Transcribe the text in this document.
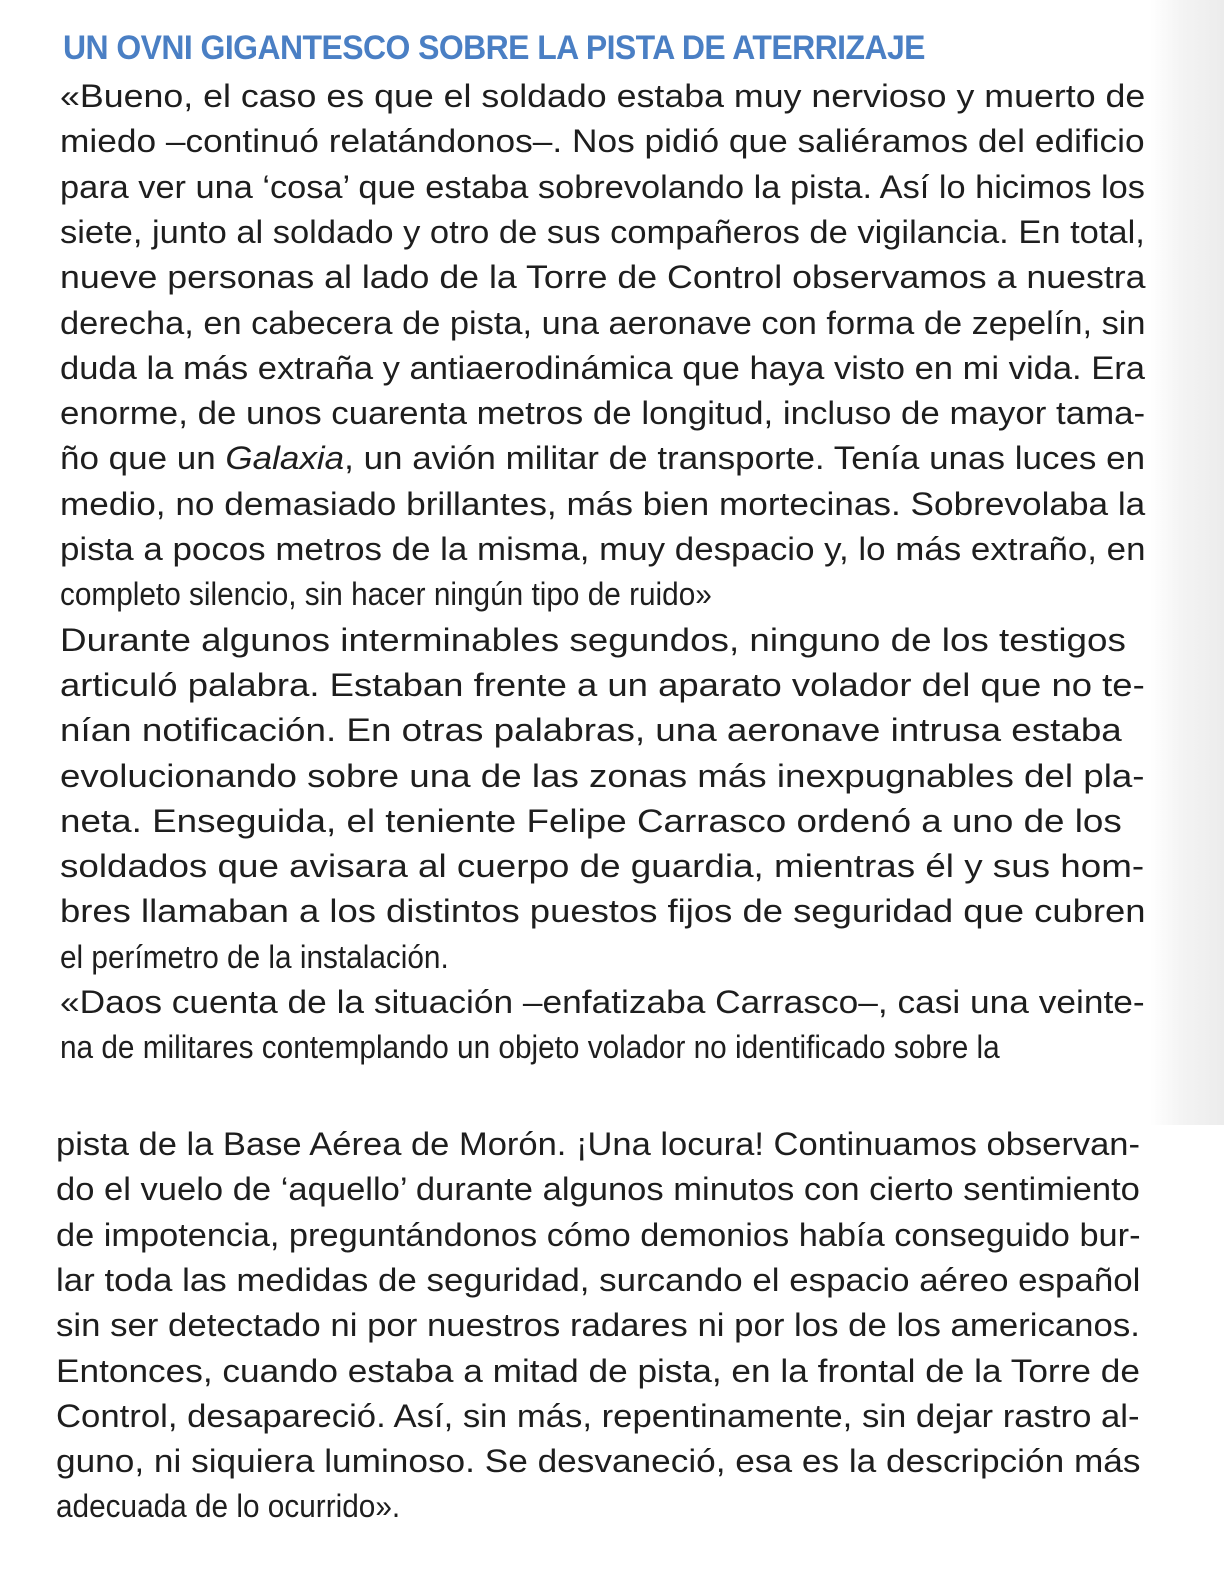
UN OVNI GIGANTESCO SOBRE LA PISTA DE ATERRIZAJE

«Bueno, el caso es que el soldado estaba muy nervioso y muerto de

miedo –continuó relatándonos–. Nos pidió que saliéramos del edificio

para ver una ‘cosa’ que estaba sobrevolando la pista. Así lo hicimos los

siete, junto al soldado y otro de sus compañeros de vigilancia. En total,

nueve personas al lado de la Torre de Control observamos a nuestra

derecha, en cabecera de pista, una aeronave con forma de zepelín, sin

duda la más extraña y antiaerodinámica que haya visto en mi vida. Era

enorme, de unos cuarenta metros de longitud, incluso de mayor tama-

ño que un Galaxia, un avión militar de transporte. Tenía unas luces en

medio, no demasiado brillantes, más bien mortecinas. Sobrevolaba la

pista a pocos metros de la misma, muy despacio y, lo más extraño, en

completo silencio, sin hacer ningún tipo de ruido»

Durante algunos interminables segundos, ninguno de los testigos

articuló palabra. Estaban frente a un aparato volador del que no te-

nían notificación. En otras palabras, una aeronave intrusa estaba

evolucionando sobre una de las zonas más inexpugnables del pla-

neta. Enseguida, el teniente Felipe Carrasco ordenó a uno de los

soldados que avisara al cuerpo de guardia, mientras él y sus hom-

bres llamaban a los distintos puestos fijos de seguridad que cubren

el perímetro de la instalación.

«Daos cuenta de la situación –enfatizaba Carrasco–, casi una veinte-

na de militares contemplando un objeto volador no identificado sobre la

pista de la Base Aérea de Morón. ¡Una locura! Continuamos observan-

do el vuelo de ‘aquello’ durante algunos minutos con cierto sentimiento

de impotencia, preguntándonos cómo demonios había conseguido bur-

lar toda las medidas de seguridad, surcando el espacio aéreo español

sin ser detectado ni por nuestros radares ni por los de los americanos.

Entonces, cuando estaba a mitad de pista, en la frontal de la Torre de

Control, desapareció. Así, sin más, repentinamente, sin dejar rastro al-

guno, ni siquiera luminoso. Se desvaneció, esa es la descripción más

adecuada de lo ocurrido».
